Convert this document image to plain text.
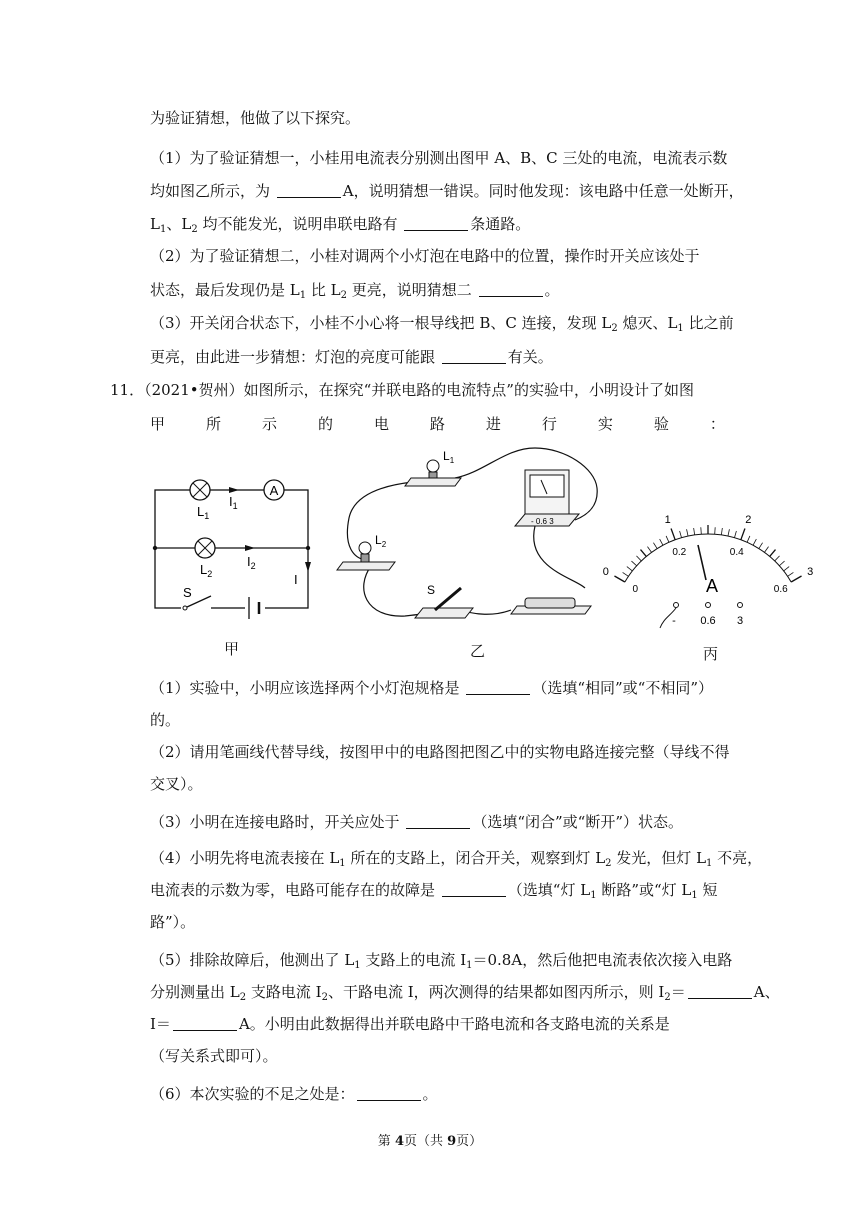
为验证猜想，他做了以下探究。
（1）为了验证猜想一，小桂用电流表分别测出图甲 A、B、C 三处的电流，电流表示数
均如图乙所示，为	A，说明猜想一错误。同时他发现：该电路中任意一处断开，
$L_1$、$L_2$ 均不能发光，说明串联电路有	条通路。
（2）为了验证猜想二，小桂对调两个小灯泡在电路中的位置，操作时开关应该处于
状态，最后发现仍是 $L_1$ 比 $L_2$ 更亮，说明猜想二	。
（3）开关闭合状态下，小桂不小心将一根导线把 B、C 连接，发现 $L_2$ 熄灭、$L_1$ 比之前
更亮，由此进一步猜想：灯泡的亮度可能跟	有关。
11．（2021•贺州）如图所示，在探究“并联电路的电流特点”的实验中，小明设计了如图
甲	所	示	的	电	路	进	行	实	验	：
A
$L_1$
$I_1$
$L_2$
$I_2$
I
S
甲
$L_1$
$L_2$
- 0.6 3
S
乙
0
1	2
3
0
0.2	0.4
0.6
A
- 0.6 3
丙
（1）实验中，小明应该选择两个小灯泡规格是	（选填“相同”或“不相同”）
的。
（2）请用笔画线代替导线，按图甲中的电路图把图乙中的实物电路连接完整（导线不得
交叉）。
（3）小明在连接电路时，开关应处于	（选填“闭合”或“断开”）状态。
（4）小明先将电流表接在 $L_1$ 所在的支路上，闭合开关，观察到灯 $L_2$ 发光，但灯 $L_1$ 不亮，
电流表的示数为零，电路可能存在的故障是	（选填“灯 $L_1$ 断路”或“灯 $L_1$ 短
路”）。
（5）排除故障后，他测出了 $L_1$ 支路上的电流 $I_1=0.8A$，然后他把电流表依次接入电路
分别测量出 $L_2$ 支路电流 $I_2$、干路电流 I，两次测得的结果都如图丙所示，则 $I_2=$	A、
I＝	A。小明由此数据得出并联电路中干路电流和各支路电流的关系是
（写关系式即可）。
（6）本次实验的不足之处是：	。
第 4页（共 9页）
